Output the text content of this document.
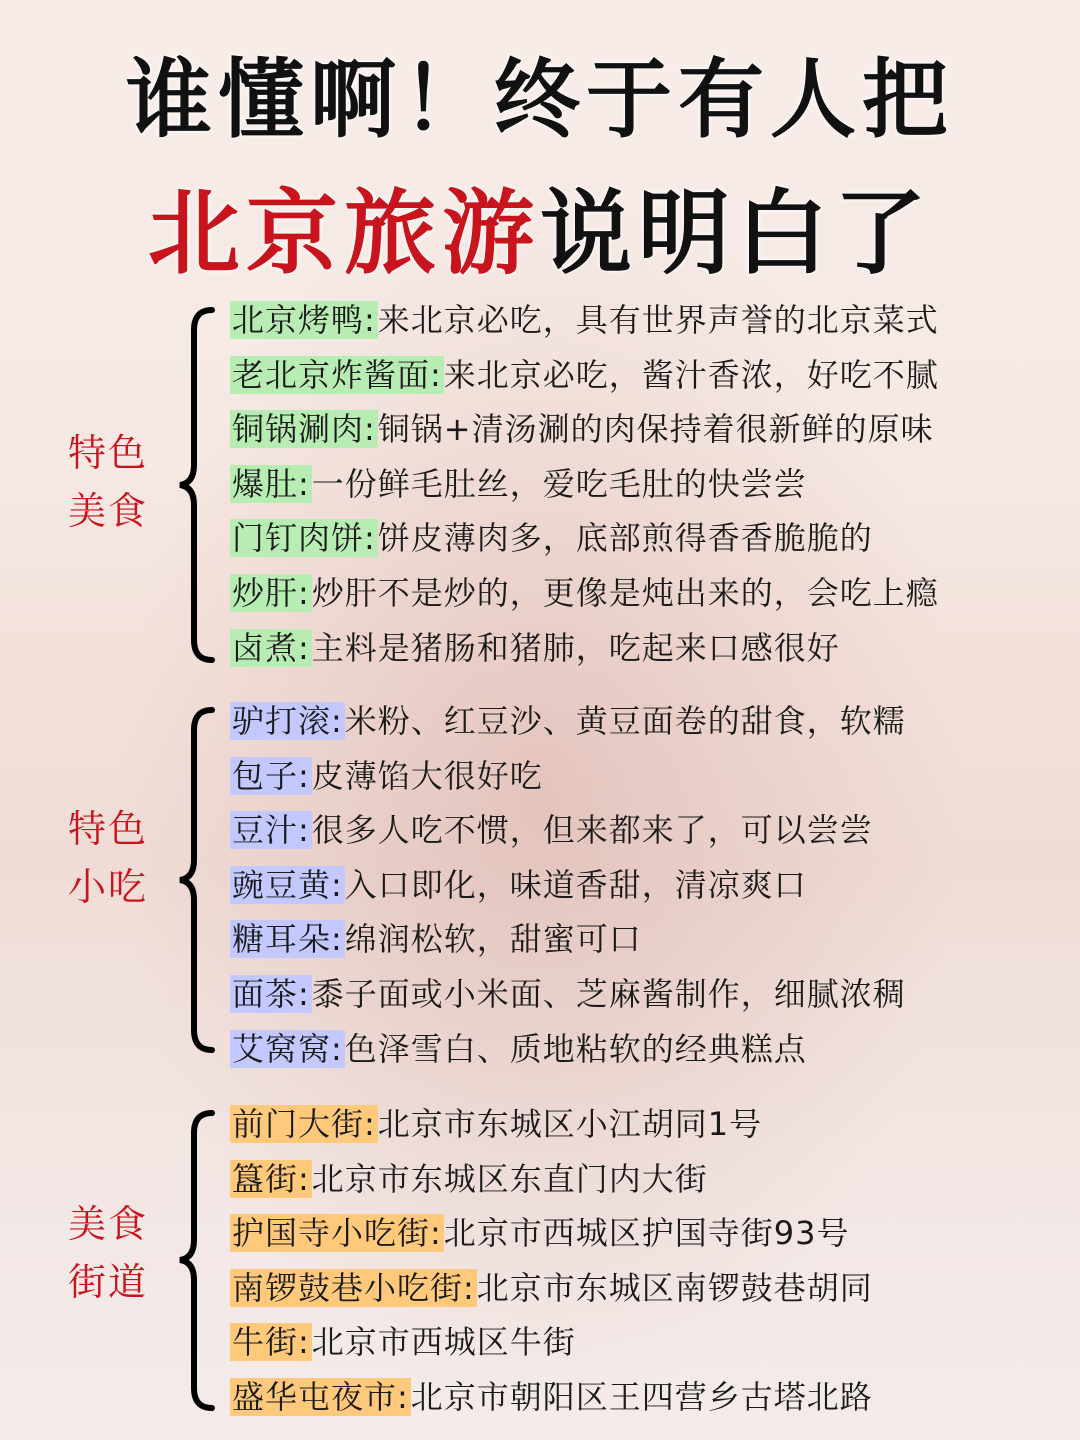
谁懂啊！终于有人把
北京旅游说明白了
特色
美食
北京烤鸭:来北京必吃，具有世界声誉的北京菜式
老北京炸酱面:来北京必吃，酱汁香浓，好吃不腻
铜锅涮肉:铜锅+清汤涮的肉保持着很新鲜的原味
爆肚:一份鲜毛肚丝，爱吃毛肚的快尝尝
门钉肉饼:饼皮薄肉多，底部煎得香香脆脆的
炒肝:炒肝不是炒的，更像是炖出来的，会吃上瘾
卤煮:主料是猪肠和猪肺，吃起来口感很好
特色
小吃
驴打滚:米粉、红豆沙、黄豆面卷的甜食，软糯
包子:皮薄馅大很好吃
豆汁:很多人吃不惯，但来都来了，可以尝尝
豌豆黄:入口即化，味道香甜，清凉爽口
糖耳朵:绵润松软，甜蜜可口
面茶:黍子面或小米面、芝麻酱制作，细腻浓稠
艾窝窝:色泽雪白、质地粘软的经典糕点
美食
街道
前门大街:北京市东城区小江胡同1号
簋街:北京市东城区东直门内大街
护国寺小吃街:北京市西城区护国寺街93号
南锣鼓巷小吃街:北京市东城区南锣鼓巷胡同
牛街:北京市西城区牛街
盛华屯夜市:北京市朝阳区王四营乡古塔北路
